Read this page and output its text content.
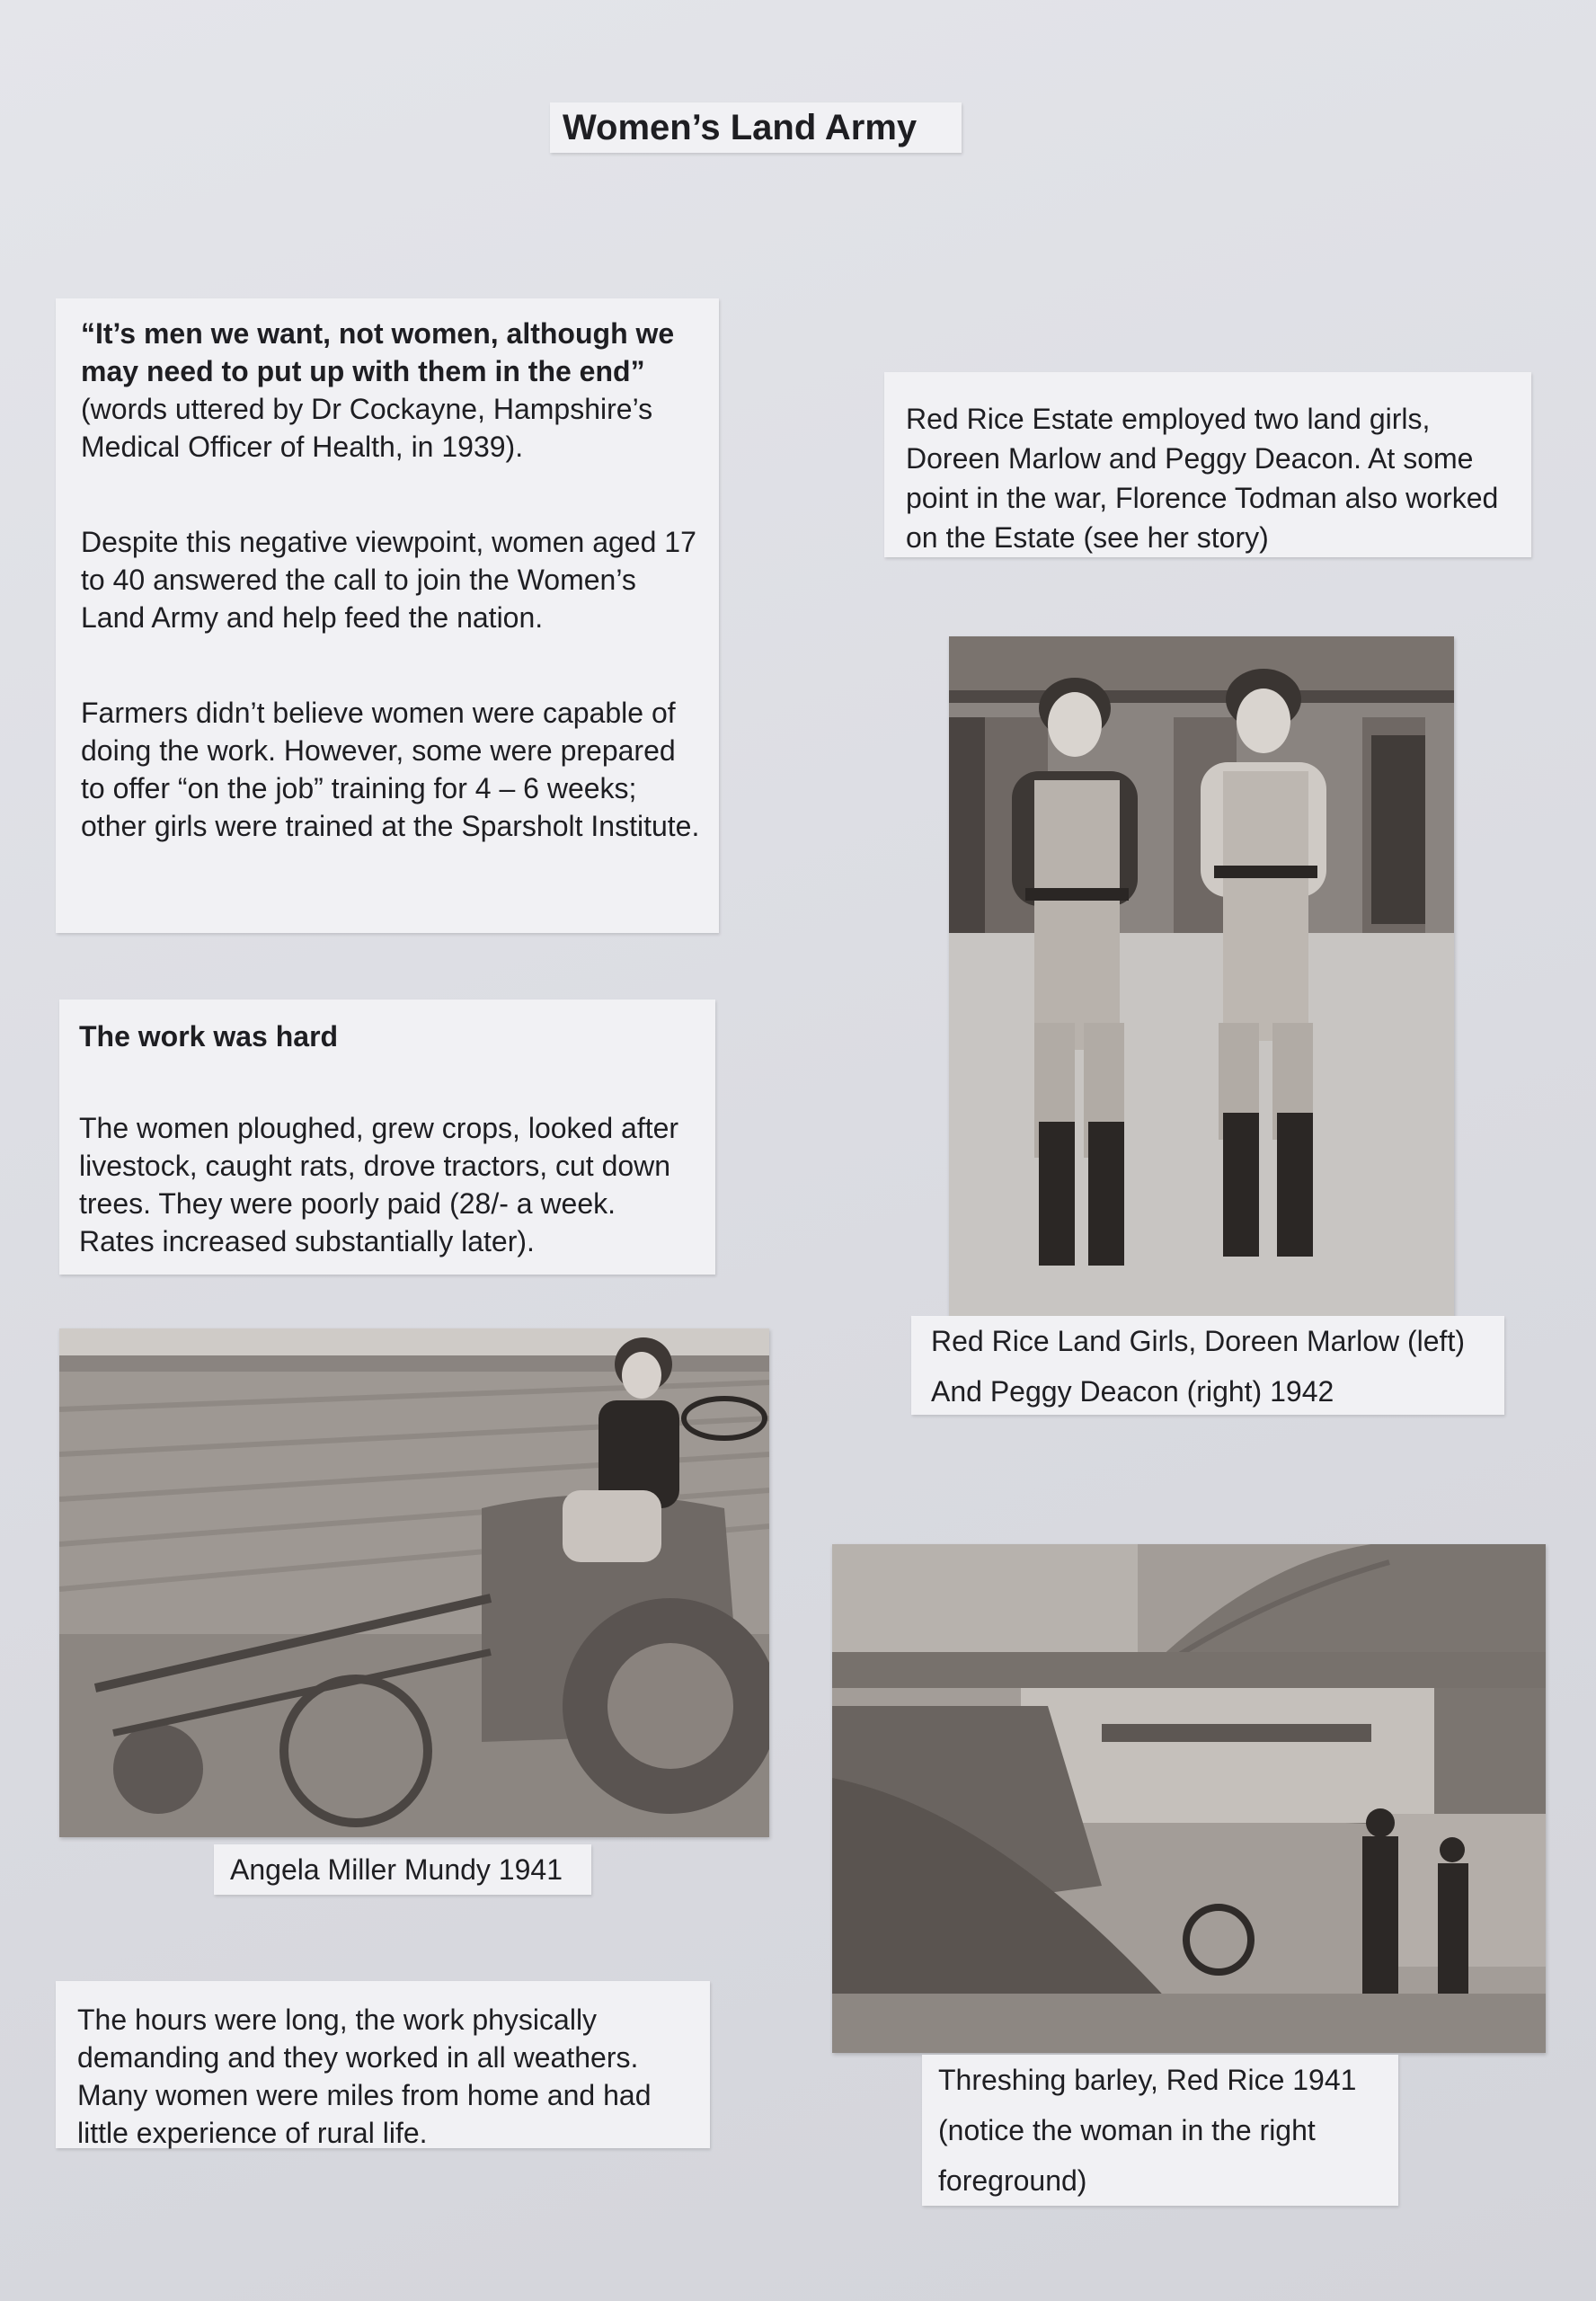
Women’s Land Army

“It’s men we want, not women, although we may need to put up with them in the end” (words uttered by Dr Cockayne, Hampshire’s Medical Officer of Health, in 1939).

Despite this negative viewpoint, women aged 17 to 40 answered the call to join the Women’s Land Army and help feed the nation.

Farmers didn’t believe women were capable of doing the work. However, some were prepared to offer “on the job” training for 4 – 6 weeks; other girls were trained at the Sparsholt Institute.

Red Rice Estate employed two land girls, Doreen Marlow and Peggy Deacon. At some point in the war, Florence Todman also worked on the Estate (see her story)

The work was hard

The women ploughed, grew crops, looked after livestock, caught rats, drove tractors, cut down trees. They were poorly paid (28/- a week. Rates increased substantially later).

Red Rice Land Girls, Doreen Marlow (left)
And Peggy Deacon (right) 1942
Angela Miller Mundy 1941
Threshing barley, Red Rice 1941
(notice the woman in the right
foreground)

The hours were long, the work physically demanding and they worked in all weathers. Many women were miles from home and had little experience of rural life.
